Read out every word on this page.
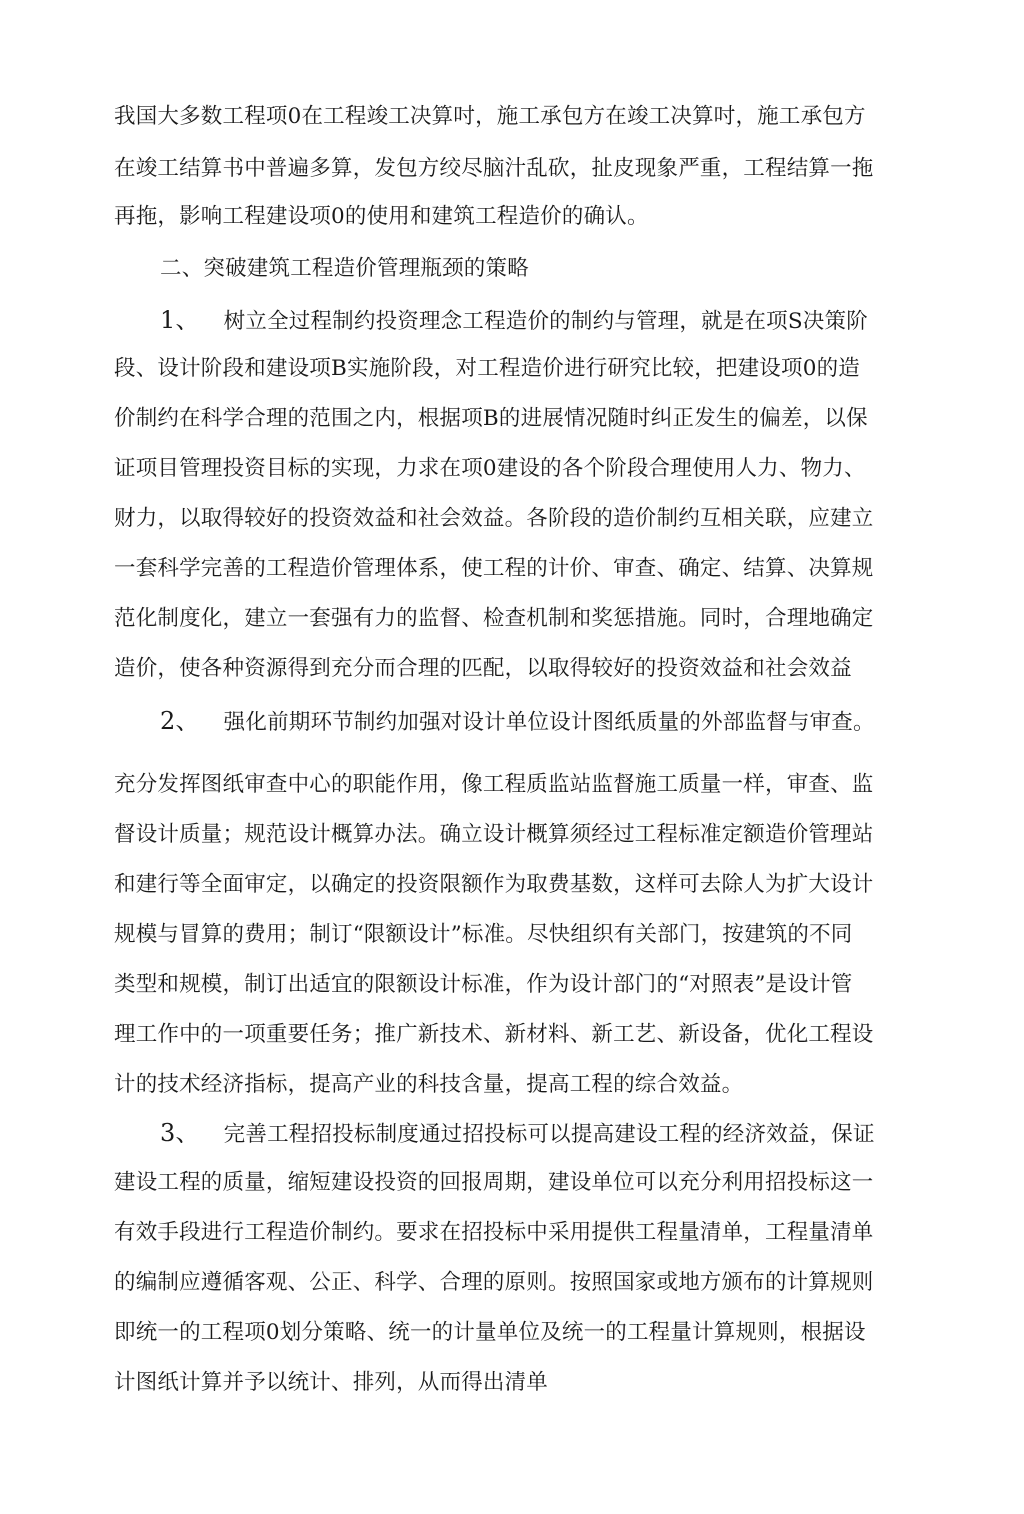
我国大多数工程项0在工程竣工决算吋，施工承包方在竣工决算吋，施工承包方
在竣工结算书中普遍多算，发包方绞尽脑汁乱砍，扯皮现象严重，工程结算一拖
再拖，影响工程建设项0的使用和建筑工程造价的确认。
二、突破建筑工程造价管理瓶颈的策略
1、 树立全过程制约投资理念工程造价的制约与管理，就是在项S决策阶
段、设计阶段和建设项B实施阶段，对工程造价进行研究比较，把建设项0的造
价制约在科学合理的范围之内，根据项B的进展情况随时纠正发生的偏差，以保
证项目管理投资目标的实现，力求在项0建设的各个阶段合理使用人力、物力、
财力，以取得较好的投资效益和社会效益。各阶段的造价制约互相关联，应建立
一套科学完善的工程造价管理体系，使工程的计价、审查、确定、结算、决算规
范化制度化，建立一套强有力的监督、检查机制和奖惩措施。同时，合理地确定
造价，使各种资源得到充分而合理的匹配，以取得较好的投资效益和社会效益
2、 强化前期环节制约加强对设计单位设计图纸质量的外部监督与审查。
充分发挥图纸审查中心的职能作用，像工程质监站监督施工质量一样，审查、监
督设计质量；规范设计概算办法。确立设计概算须经过工程标准定额造价管理站
和建行等全面审定，以确定的投资限额作为取费基数，这样可去除人为扩大设计
规模与冒算的费用；制订“限额设计”标准。尽快组织有关部门，按建筑的不同
类型和规模，制订出适宜的限额设计标准，作为设计部门的“对照表”是设计管
理工作中的一项重要任务；推广新技术、新材料、新工艺、新设备，优化工程设
计的技术经济指标，提高产业的科技含量，提高工程的综合效益。
3、 完善工程招投标制度通过招投标可以提高建设工程的经济效益，保证
建设工程的质量，缩短建设投资的回报周期，建设单位可以充分利用招投标这一
有效手段进行工程造价制约。要求在招投标中采用提供工程量清单，工程量清单
的编制应遵循客观、公正、科学、合理的原则。按照国家或地方颁布的计算规则
即统一的工程项0划分策略、统一的计量单位及统一的工程量计算规则，根据设
计图纸计算并予以统计、排列，从而得出清单
